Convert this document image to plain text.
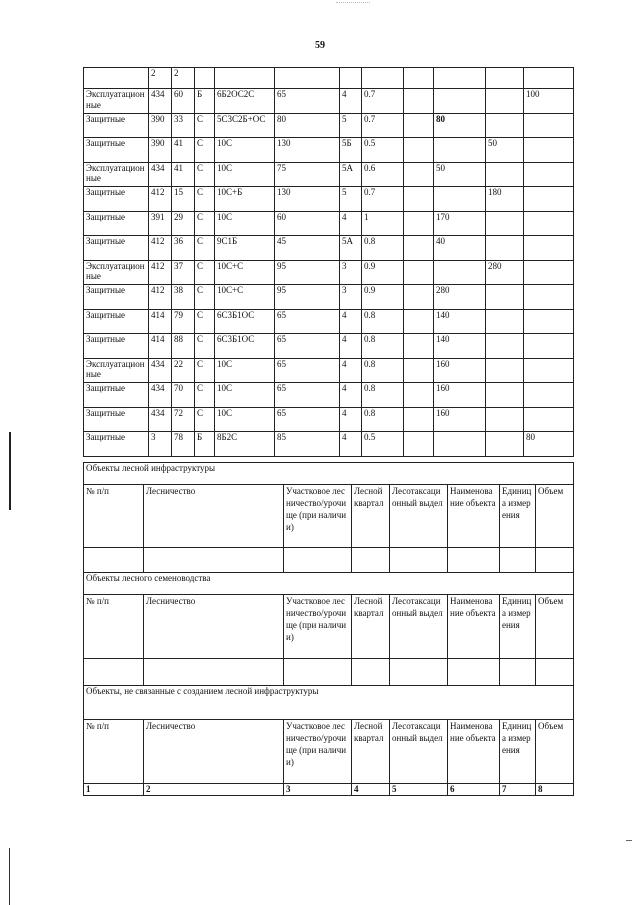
59
	2	2									
Эксплуатационные	434	60	Б	6Б2ОС2С	65	4	0.7				100
Защитные	390	33	С	5С3С2Б+ОС	80	5	0.7		80		
Защитные	390	41	С	10С	130	5Б	0.5			50	
Эксплуатационные	434	41	С	10С	75	5А	0.6		50		
Защитные	412	15	С	10С+Б	130	5	0.7			180	
Защитные	391	29	С	10С	60	4	1		170		
Защитные	412	36	С	9С1Б	45	5А	0.8		40		
Эксплуатационные	412	37	С	10С+С	95	3	0.9			280	
Защитные	412	38	С	10С+С	95	3	0.9		280		
Защитные	414	79	С	6С3Б1ОС	65	4	0.8		140		
Защитные	414	88	С	6С3Б1ОС	65	4	0.8		140		
Эксплуатационные	434	22	С	10С	65	4	0.8		160		
Защитные	434	70	С	10С	65	4	0.8		160		
Защитные	434	72	С	10С	65	4	0.8		160		
Защитные	3	78	Б	8Б2С	85	4	0.5				80
Объекты лесной инфраструктуры							
№ п/п	Лесничество	Участковое лесничество/урочище (при наличии)	Лесной квартал	Лесотаксационный выдел	Наименование объекта	Единица измерения	Объем

Объекты лесного семеноводства							
№ п/п	Лесничество	Участковое лесничество/урочище (при наличии)	Лесной квартал	Лесотаксационный выдел	Наименование объекта	Единица измерения	Объем

Объекты, не связанные с созданием лесной инфраструктуры							
№ п/п	Лесничество	Участковое лесничество/урочище (при наличии)	Лесной квартал	Лесотаксационный выдел	Наименование объекта	Единица измерения	Объем
1	2	3	4	5	6	7	8
